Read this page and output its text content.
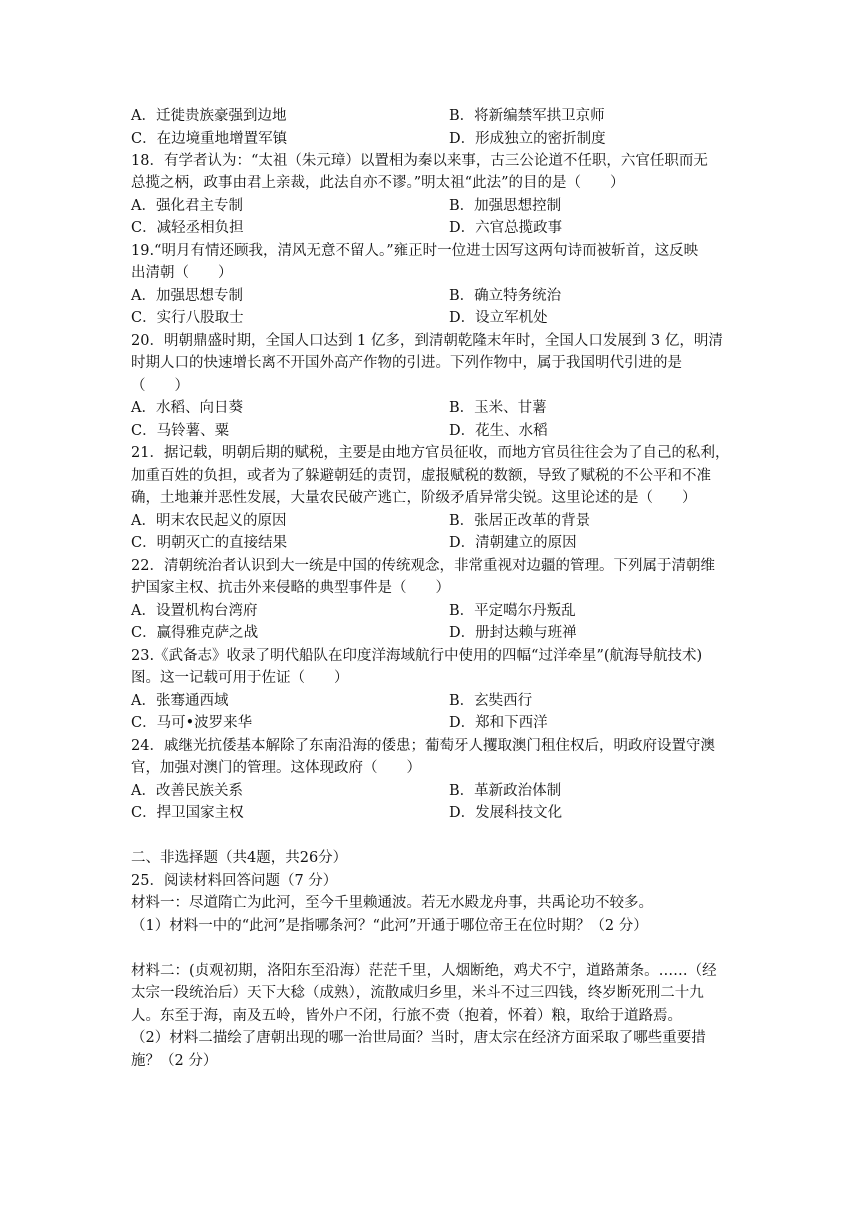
A．迁徙贵族豪强到边地	B．将新编禁军拱卫京师
C．在边境重地增置军镇	D．形成独立的密折制度
18．有学者认为：“太祖（朱元璋）以置相为秦以来事，古三公论道不任职，六官任职而无
总揽之柄，政事由君上亲裁，此法自亦不谬。”明太祖“此法”的目的是（　　）
A．强化君主专制	B．加强思想控制
C．减轻丞相负担	D．六官总揽政事
19.“明月有情还顾我，清风无意不留人。”雍正时一位进士因写这两句诗而被斩首，这反映
出清朝（　　）
A．加强思想专制	B．确立特务统治
C．实行八股取士	D．设立军机处
20．明朝鼎盛时期，全国人口达到 1 亿多，到清朝乾隆末年时，全国人口发展到 3 亿，明清
时期人口的快速增长离不开国外高产作物的引进。下列作物中，属于我国明代引进的是
（　　）
A．水稻、向日葵	B．玉米、甘薯
C．马铃薯、粟	D．花生、水稻
21．据记载，明朝后期的赋税，主要是由地方官员征收，而地方官员往往会为了自己的私利，
加重百姓的负担，或者为了躲避朝廷的责罚，虚报赋税的数额，导致了赋税的不公平和不准
确，土地兼并恶性发展，大量农民破产逃亡，阶级矛盾异常尖锐。这里论述的是（　　）
A．明末农民起义的原因	B．张居正改革的背景
C．明朝灭亡的直接结果	D．清朝建立的原因
22．清朝统治者认识到大一统是中国的传统观念，非常重视对边疆的管理。下列属于清朝维
护国家主权、抗击外来侵略的典型事件是（　　）
A．设置机构台湾府	B．平定噶尔丹叛乱
C．赢得雅克萨之战	D．册封达赖与班禅
23.《武备志》收录了明代船队在印度洋海域航行中使用的四幅“过洋牵星”(航海导航技术)
图。这一记载可用于佐证（　　）
A．张骞通西域	B．玄奘西行
C．马可•波罗来华	D．郑和下西洋
24．戚继光抗倭基本解除了东南沿海的倭患；葡萄牙人攫取澳门租住权后，明政府设置守澳
官，加强对澳门的管理。这体现政府（　　）
A．改善民族关系	B．革新政治体制
C．捍卫国家主权	D．发展科技文化
二、非选择题（共4题，共26分）
25．阅读材料回答问题（7 分）
材料一：尽道隋亡为此河，至今千里赖通波。若无水殿龙舟事，共禹论功不较多。
（1）材料一中的“此河”是指哪条河？“此河”开通于哪位帝王在位时期？（2 分）
材料二：(贞观初期，洛阳东至沿海）茫茫千里，人烟断绝，鸡犬不宁，道路萧条。……（经
太宗一段统治后）天下大稔（成熟），流散咸归乡里，米斗不过三四钱，终岁断死刑二十九
人。东至于海，南及五岭，皆外户不闭，行旅不赍（抱着，怀着）粮，取给于道路焉。
（2）材料二描绘了唐朝出现的哪一治世局面？当时，唐太宗在经济方面采取了哪些重要措
施？（2 分）
